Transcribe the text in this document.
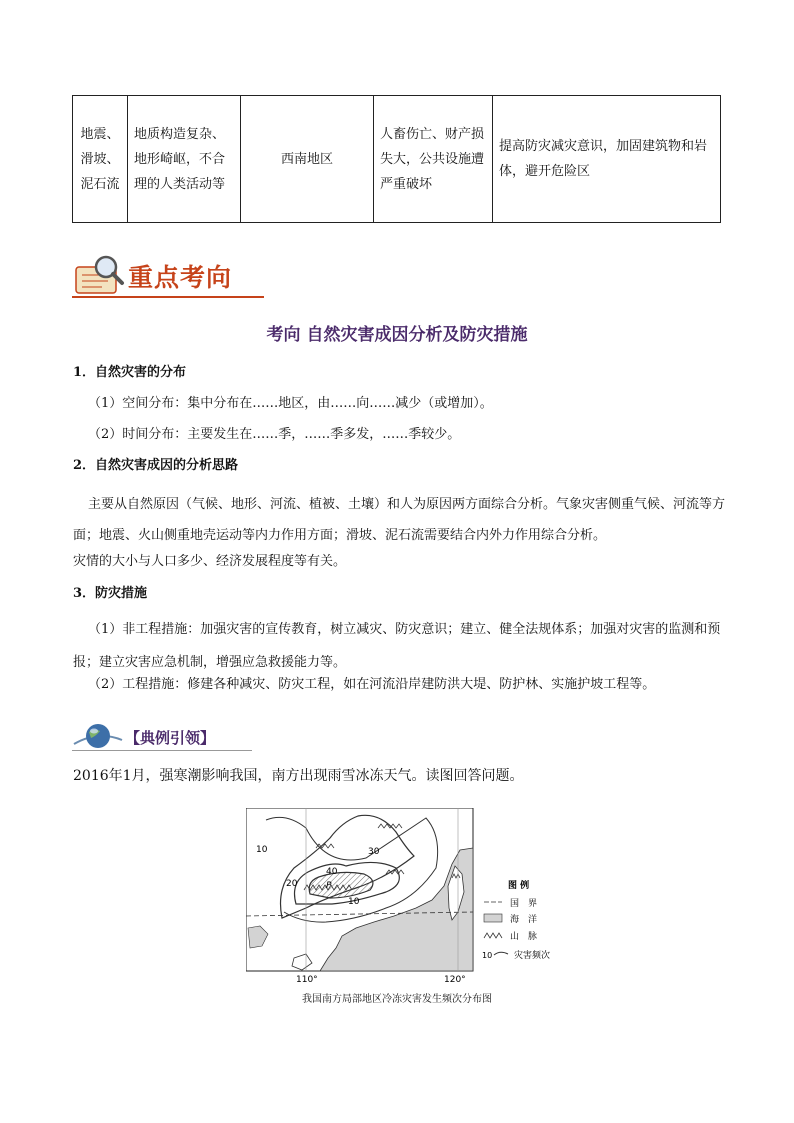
地震、滑坡、泥石流	地质构造复杂、地形崎岖，不合理的人类活动等	西南地区	人畜伤亡、财产损失大，公共设施遭严重破坏	提高防灾减灾意识，加固建筑物和岩体，避开危险区
重点考向
考向 自然灾害成因分析及防灾措施
1．自然灾害的分布
（1）空间分布：集中分布在……地区，由……向……减少（或增加）。
（2）时间分布：主要发生在……季，……季多发，……季较少。
2．自然灾害成因的分析思路
主要从自然原因（气候、地形、河流、植被、土壤）和人为原因两方面综合分析。气象灾害侧重气候、河流等方面；地震、火山侧重地壳运动等内力作用方面；滑坡、泥石流需要结合内外力作用综合分析。
灾情的大小与人口多少、经济发展程度等有关。
3．防灾措施
（1）非工程措施：加强灾害的宣传教育，树立减灾、防灾意识；建立、健全法规体系；加强对灾害的监测和预报；建立灾害应急机制，增强应急救援能力等。
（2）工程措施：修建各种减灾、防灾工程，如在河流沿岸建防洪大堤、防护林、实施护坡工程等。
【典例引领】
2016年1月，强寒潮影响我国，南方出现雨雪冰冻天气。读图回答问题。
10
20
30
40
10
P
110°	120°
图 例
国　界
海　洋
山　脉
10 灾害频次
我国南方局部地区冷冻灾害发生频次分布图
